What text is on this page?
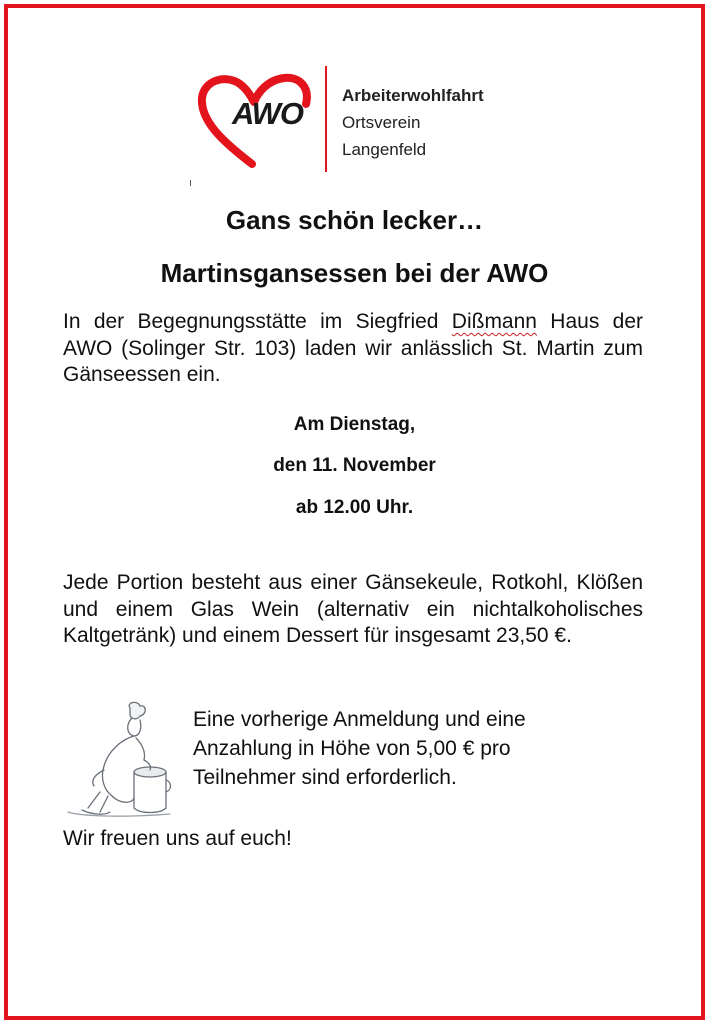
AWO
Arbeiterwohlfahrt
Ortsverein
Langenfeld
Gans schön lecker…
Martinsgansessen bei der AWO
In der Begegnungsstätte im Siegfried Dißmann Haus der AWO (Solinger Str. 103) laden wir anlässlich St. Martin zum Gänseessen ein.
Am Dienstag,
den 11. November
ab 12.00 Uhr.
Jede Portion besteht aus einer Gänsekeule, Rotkohl, Klößen und einem Glas Wein (alternativ ein nichtalkoholisches Kaltgetränk) und einem Dessert für insgesamt 23,50 €.
Eine vorherige Anmeldung und eine
Anzahlung in Höhe von 5,00 € pro
Teilnehmer sind erforderlich.
Wir freuen uns auf euch!
